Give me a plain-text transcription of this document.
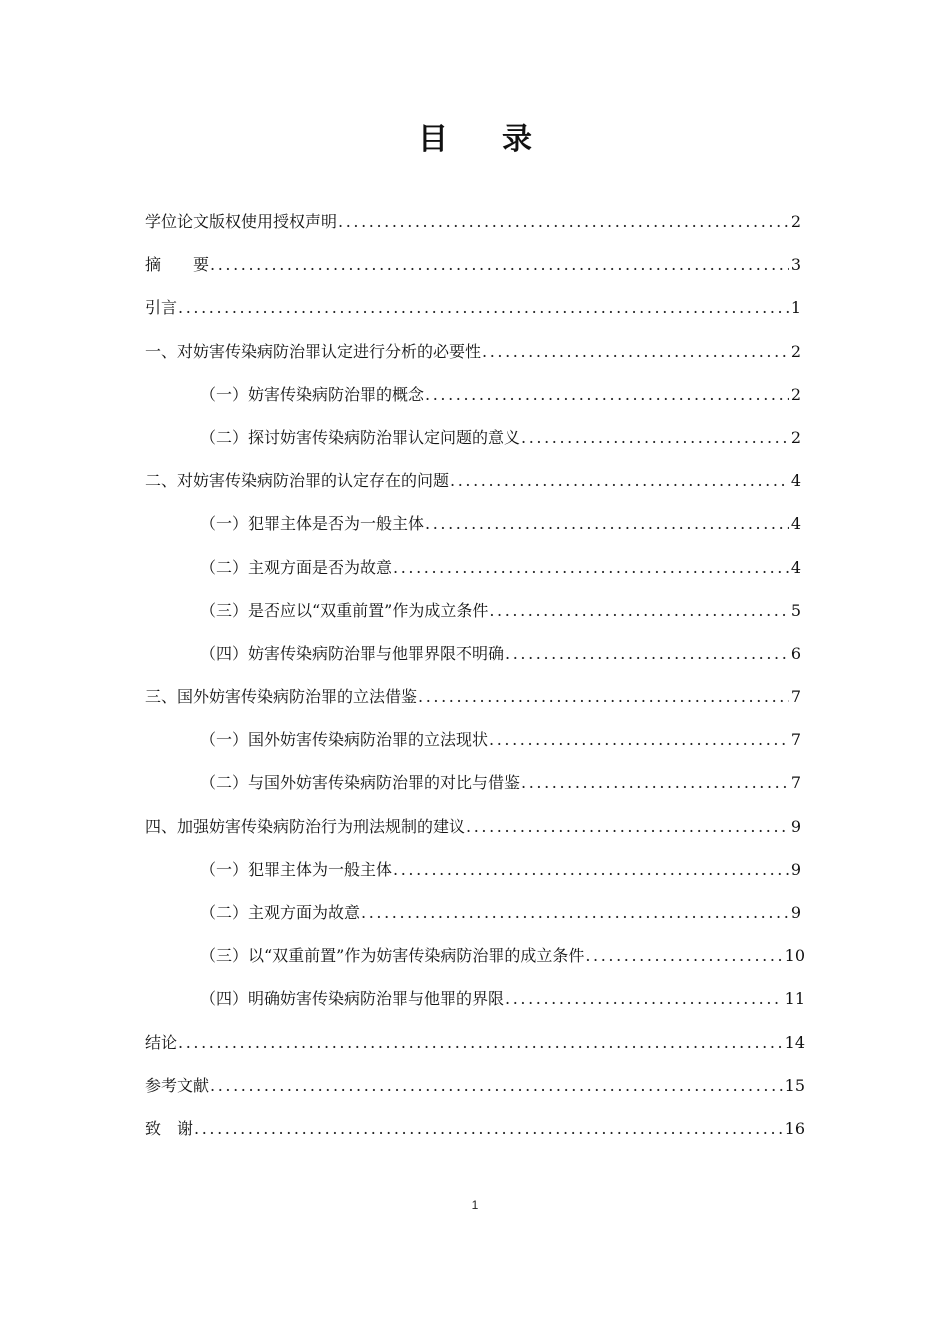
目 录
学位论文版权使用授权声明 .....	2
摘　　要 .....	3
引言 .....	1
一、对妨害传染病防治罪认定进行分析的必要性 .....	2
（一）妨害传染病防治罪的概念 .....	2
（二）探讨妨害传染病防治罪认定问题的意义 .....	2
二、对妨害传染病防治罪的认定存在的问题 .....	4
（一）犯罪主体是否为一般主体 .....	4
（二）主观方面是否为故意 .....	4
（三）是否应以“双重前置”作为成立条件 .....	5
（四）妨害传染病防治罪与他罪界限不明确 .....	6
三、国外妨害传染病防治罪的立法借鉴 .....	7
（一）国外妨害传染病防治罪的立法现状 .....	7
（二）与国外妨害传染病防治罪的对比与借鉴 .....	7
四、加强妨害传染病防治行为刑法规制的建议 .....	9
（一）犯罪主体为一般主体 .....	9
（二）主观方面为故意 .....	9
（三）以“双重前置”作为妨害传染病防治罪的成立条件 .....	10
（四）明确妨害传染病防治罪与他罪的界限 .....	11
结论 .....	14
参考文献 .....	15
致　谢 .....	16
1
